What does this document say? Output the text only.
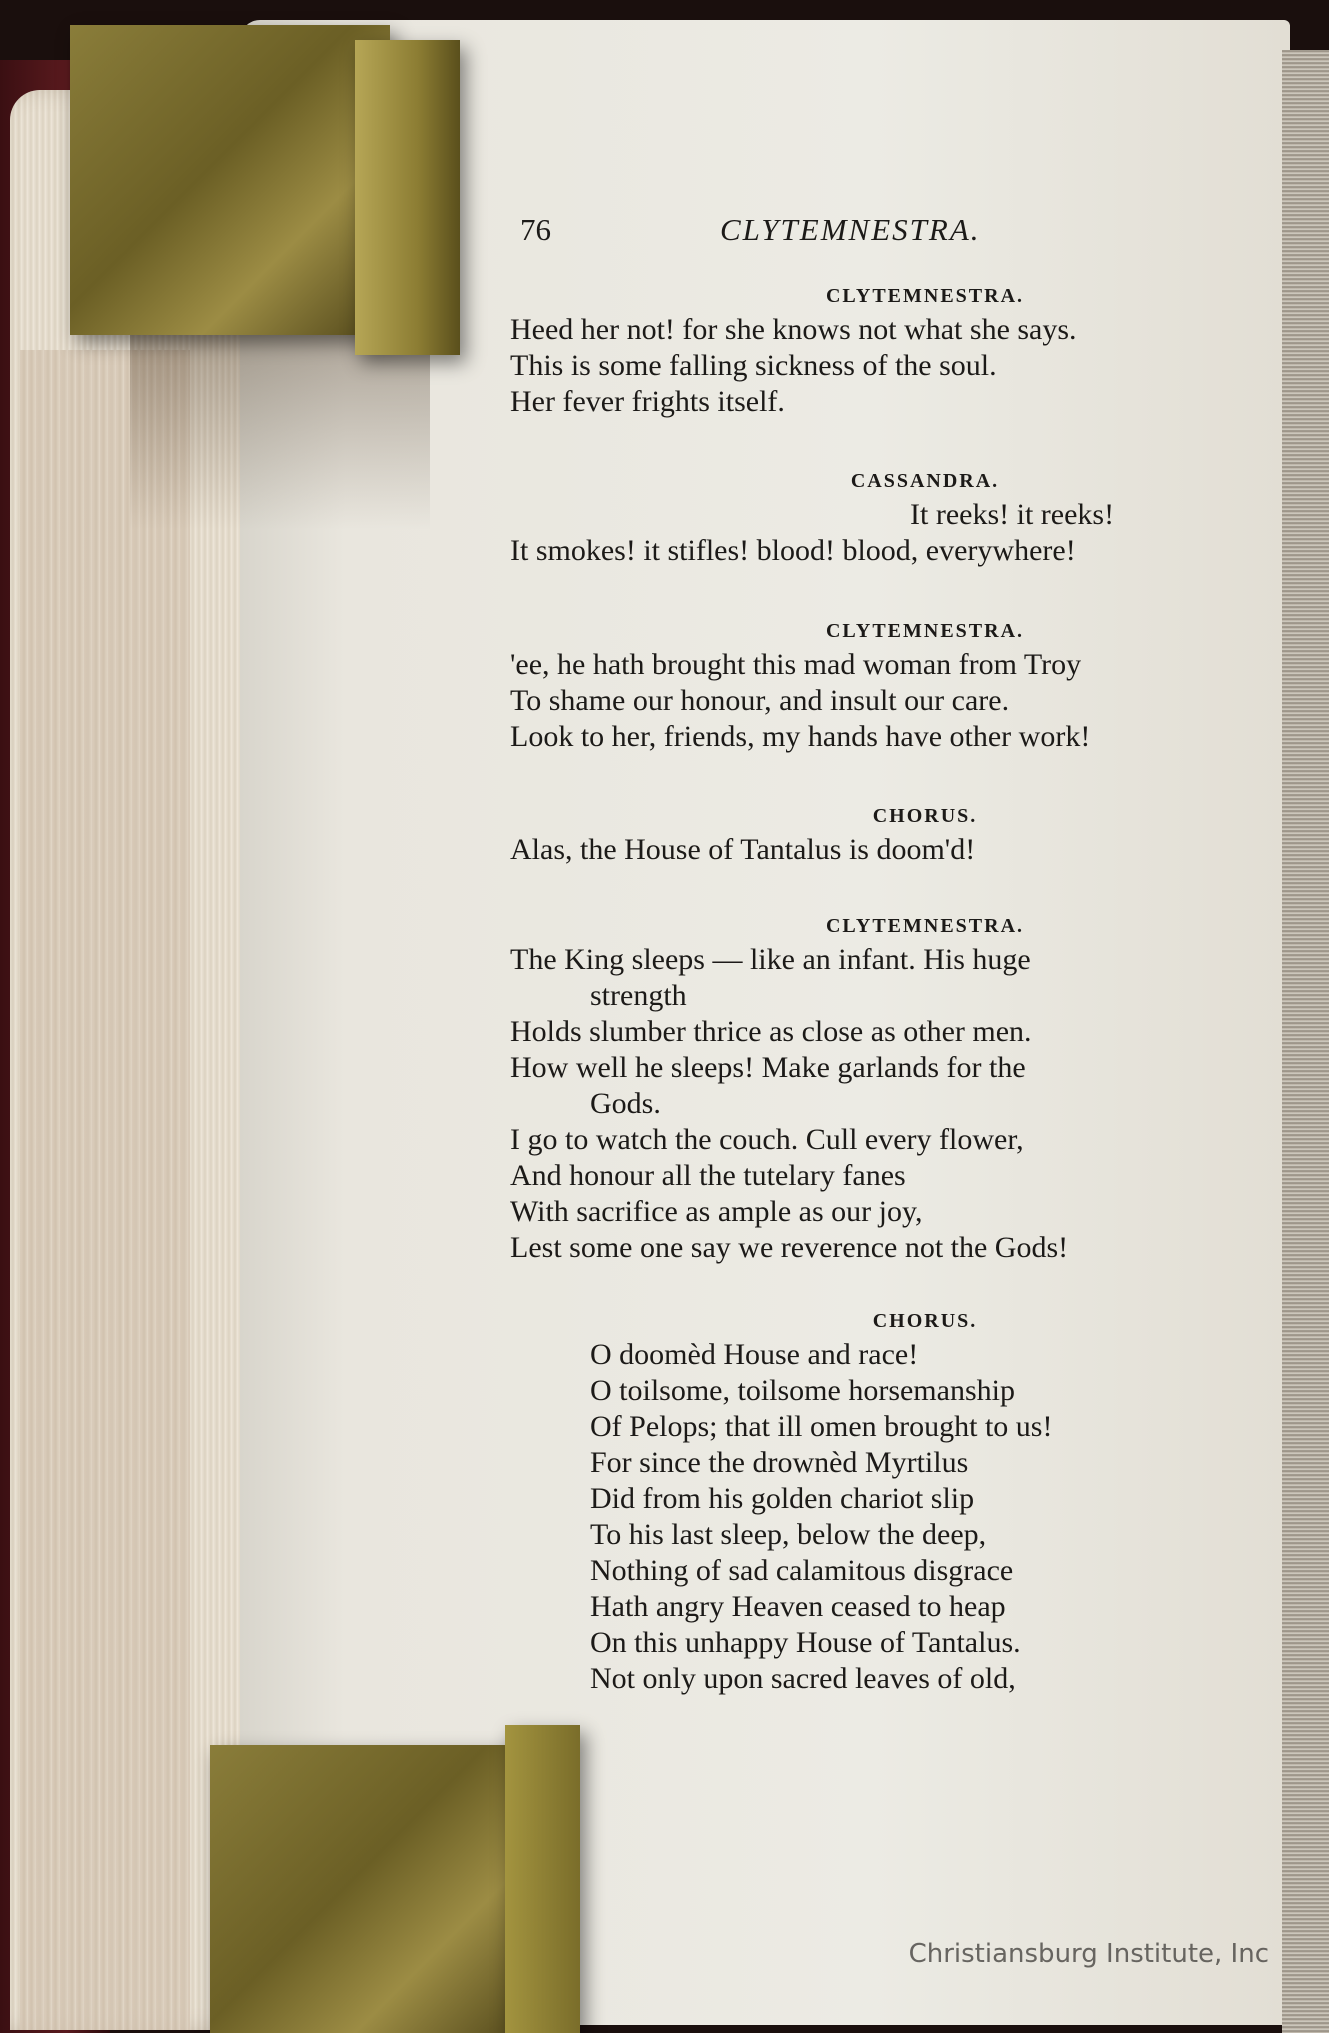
76	CLYTEMNESTRA.
CLYTEMNESTRA.
Heed her not! for she knows not what she says.
This is some falling sickness of the soul.
Her fever frights itself.
CASSANDRA.
It reeks! it reeks!
It smokes! it stifles! blood! blood, everywhere!
CLYTEMNESTRA.
'ee, he hath brought this mad woman from Troy
To shame our honour, and insult our care.
Look to her, friends, my hands have other work!
CHORUS.
Alas, the House of Tantalus is doom'd!
CLYTEMNESTRA.
The King sleeps — like an infant. His huge
strength
Holds slumber thrice as close as other men.
How well he sleeps! Make garlands for the
Gods.
I go to watch the couch. Cull every flower,
And honour all the tutelary fanes
With sacrifice as ample as our joy,
Lest some one say we reverence not the Gods!
CHORUS.
O doomèd House and race!
O toilsome, toilsome horsemanship
Of Pelops; that ill omen brought to us!
For since the drownèd Myrtilus
Did from his golden chariot slip
To his last sleep, below the deep,
Nothing of sad calamitous disgrace
Hath angry Heaven ceased to heap
On this unhappy House of Tantalus.
Not only upon sacred leaves of old,
Christiansburg Institute, Inc
